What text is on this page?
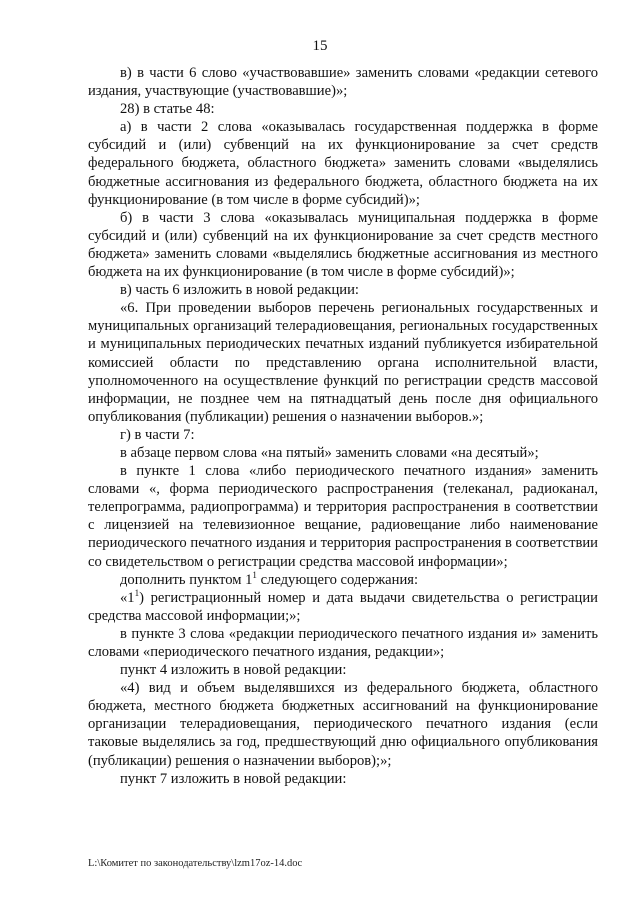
15

в) в части 6 слово «участвовавшие» заменить словами «редакции сетевого издания, участвующие (участвовавшие)»;

28) в статье 48:

а) в части 2 слова «оказывалась государственная поддержка в форме субсидий и (или) субвенций на их функционирование за счет средств федерального бюджета, областного бюджета» заменить словами «выделялись бюджетные ассигнования из федерального бюджета, областного бюджета на их функционирование (в том числе в форме субсидий)»;

б) в части 3 слова «оказывалась муниципальная поддержка в форме субсидий и (или) субвенций на их функционирование за счет средств местного бюджета» заменить словами «выделялись бюджетные ассигнования из местного бюджета на их функционирование (в том числе в форме субсидий)»;

в) часть 6 изложить в новой редакции:

«6. При проведении выборов перечень региональных государственных и муниципальных организаций телерадиовещания, региональных государственных и муниципальных периодических печатных изданий публикуется избирательной комиссией области по представлению органа исполнительной власти, уполномоченного на осуществление функций по регистрации средств массовой информации, не позднее чем на пятнадцатый день после дня официального опубликования (публикации) решения о назначении выборов.»;

г) в части 7:

в абзаце первом слова «на пятый» заменить словами «на десятый»;

в пункте 1 слова «либо периодического печатного издания» заменить словами «, форма периодического распространения (телеканал, радиоканал, телепрограмма, радиопрограмма) и территория распространения в соответствии с лицензией на телевизионное вещание, радиовещание либо наименование периодического печатного издания и территория распространения в соответствии со свидетельством о регистрации средства массовой информации»;

дополнить пунктом $1^1$ следующего содержания:

«$1^1$) регистрационный номер и дата выдачи свидетельства о регистрации средства массовой информации;»;

в пункте 3 слова «редакции периодического печатного издания и» заменить словами «периодического печатного издания, редакции»;

пункт 4 изложить в новой редакции:

«4) вид и объем выделявшихся из федерального бюджета, областного бюджета, местного бюджета бюджетных ассигнований на функционирование организации телерадиовещания, периодического печатного издания (если таковые выделялись за год, предшествующий дню официального опубликования (публикации) решения о назначении выборов);»;

пункт 7 изложить в новой редакции:

L:\Комитет по законодательству\lzm17oz-14.doc
